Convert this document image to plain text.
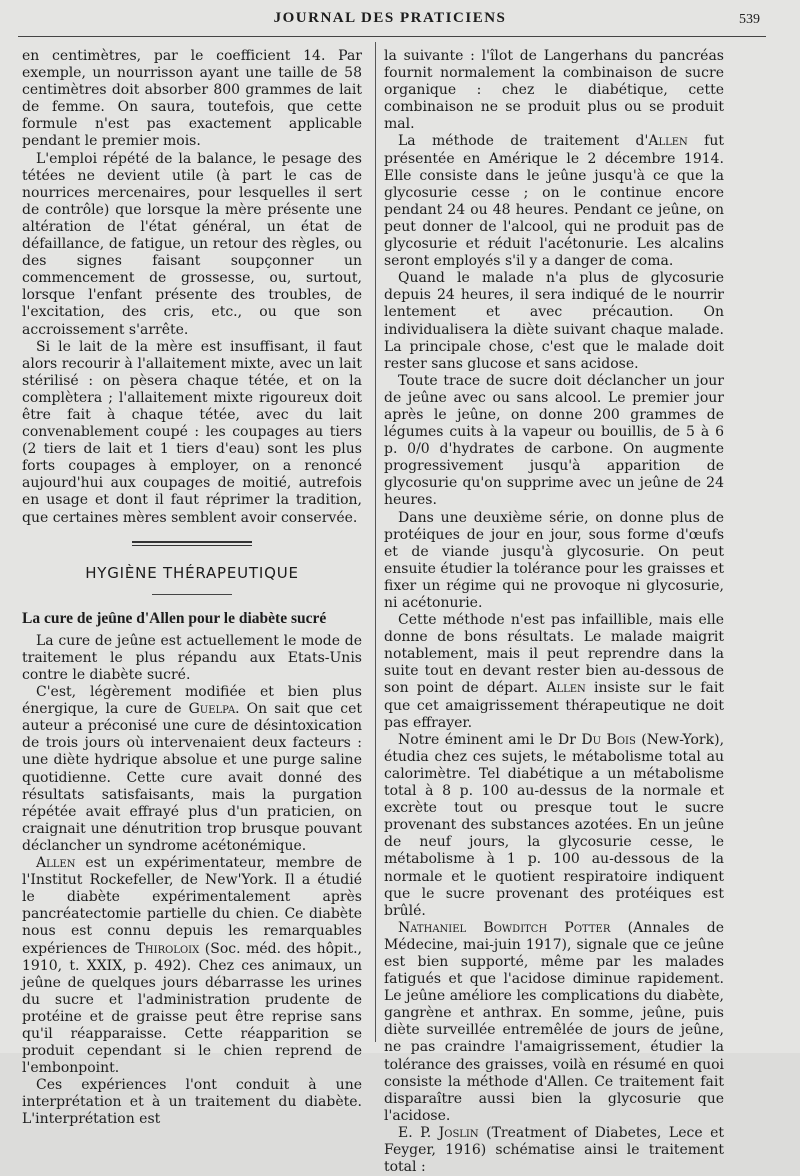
JOURNAL DES PRATICIENS	539

en centimètres, par le coefficient 14. Par exemple, un nourrisson ayant une taille de 58 centimètres doit absorber 800 grammes de lait de femme. On saura, toutefois, que cette formule n'est pas exactement applicable pendant le premier mois.

L'emploi répété de la balance, le pesage des tétées ne devient utile (à part le cas de nourrices mercenaires, pour lesquelles il sert de contrôle) que lorsque la mère présente une altération de l'état général, un état de défaillance, de fatigue, un retour des règles, ou des signes faisant soupçonner un commencement de grossesse, ou, surtout, lorsque l'enfant présente des troubles, de l'excitation, des cris, etc., ou que son accroissement s'arrête.

Si le lait de la mère est insuffisant, il faut alors recourir à l'allaitement mixte, avec un lait stérilisé : on pèsera chaque tétée, et on la complètera ; l'allaitement mixte rigoureux doit être fait à chaque tétée, avec du lait convenablement coupé : les coupages au tiers (2 tiers de lait et 1 tiers d'eau) sont les plus forts coupages à employer, on a renoncé aujourd'hui aux coupages de moitié, autrefois en usage et dont il faut réprimer la tradition, que certaines mères semblent avoir conservée.

HYGIÈNE THÉRAPEUTIQUE
La cure de jeûne d'Allen pour le diabète sucré

La cure de jeûne est actuellement le mode de traitement le plus répandu aux Etats-Unis contre le diabète sucré.

C'est, légèrement modifiée et bien plus énergique, la cure de Guelpa. On sait que cet auteur a préconisé une cure de désintoxication de trois jours où intervenaient deux facteurs : une diète hydrique absolue et une purge saline quotidienne. Cette cure avait donné des résultats satisfaisants, mais la purgation répétée avait effrayé plus d'un praticien, on craignait une dénutrition trop brusque pouvant déclancher un syndrome acétonémique.

Allen est un expérimentateur, membre de l'Institut Rockefeller, de New'York. Il a étudié le diabète expérimentalement après pancréatectomie partielle du chien. Ce diabète nous est connu depuis les remarquables expériences de Thiroloix (Soc. méd. des hôpit., 1910, t. XXIX, p. 492). Chez ces animaux, un jeûne de quelques jours débarrasse les urines du sucre et l'administration prudente de protéine et de graisse peut être reprise sans qu'il réapparaisse. Cette réapparition se produit cependant si le chien reprend de l'embonpoint.

Ces expériences l'ont conduit à une interprétation et à un traitement du diabète. L'interprétation est

la suivante : l'îlot de Langerhans du pancréas fournit normalement la combinaison de sucre organique : chez le diabétique, cette combinaison ne se produit plus ou se produit mal.

La méthode de traitement d'Allen fut présentée en Amérique le 2 décembre 1914. Elle consiste dans le jeûne jusqu'à ce que la glycosurie cesse ; on le continue encore pendant 24 ou 48 heures. Pendant ce jeûne, on peut donner de l'alcool, qui ne produit pas de glycosurie et réduit l'acétonurie. Les alcalins seront employés s'il y a danger de coma.

Quand le malade n'a plus de glycosurie depuis 24 heures, il sera indiqué de le nourrir lentement et avec précaution. On individualisera la diète suivant chaque malade. La principale chose, c'est que le malade doit rester sans glucose et sans acidose.

Toute trace de sucre doit déclancher un jour de jeûne avec ou sans alcool. Le premier jour après le jeûne, on donne 200 grammes de légumes cuits à la vapeur ou bouillis, de 5 à 6 p. 0/0 d'hydrates de carbone. On augmente progressivement jusqu'à apparition de glycosurie qu'on supprime avec un jeûne de 24 heures.

Dans une deuxième série, on donne plus de protéiques de jour en jour, sous forme d'œufs et de viande jusqu'à glycosurie. On peut ensuite étudier la tolérance pour les graisses et fixer un régime qui ne provoque ni glycosurie, ni acétonurie.

Cette méthode n'est pas infaillible, mais elle donne de bons résultats. Le malade maigrit notablement, mais il peut reprendre dans la suite tout en devant rester bien au-dessous de son point de départ. Allen insiste sur le fait que cet amaigrissement thérapeutique ne doit pas effrayer.

Notre éminent ami le Dr Du Bois (New-York), étudia chez ces sujets, le métabolisme total au calorimètre. Tel diabétique a un métabolisme total à 8 p. 100 au-dessus de la normale et excrète tout ou presque tout le sucre provenant des substances azotées. En un jeûne de neuf jours, la glycosurie cesse, le métabolisme à 1 p. 100 au-dessous de la normale et le quotient respiratoire indiquent que le sucre provenant des protéiques est brûlé.

Nathaniel Bowditch Potter (Annales de Médecine, mai-juin 1917), signale que ce jeûne est bien supporté, même par les malades fatigués et que l'acidose diminue rapidement. Le jeûne améliore les complications du diabète, gangrène et anthrax. En somme, jeûne, puis diète surveillée entremêlée de jours de jeûne, ne pas craindre l'amaigrissement, étudier la tolérance des graisses, voilà en résumé en quoi consiste la méthode d'Allen. Ce traitement fait disparaître aussi bien la glycosurie que l'acidose.

E. P. Joslin (Treatment of Diabetes, Lece et Feyger, 1916) schématise ainsi le traitement total :
